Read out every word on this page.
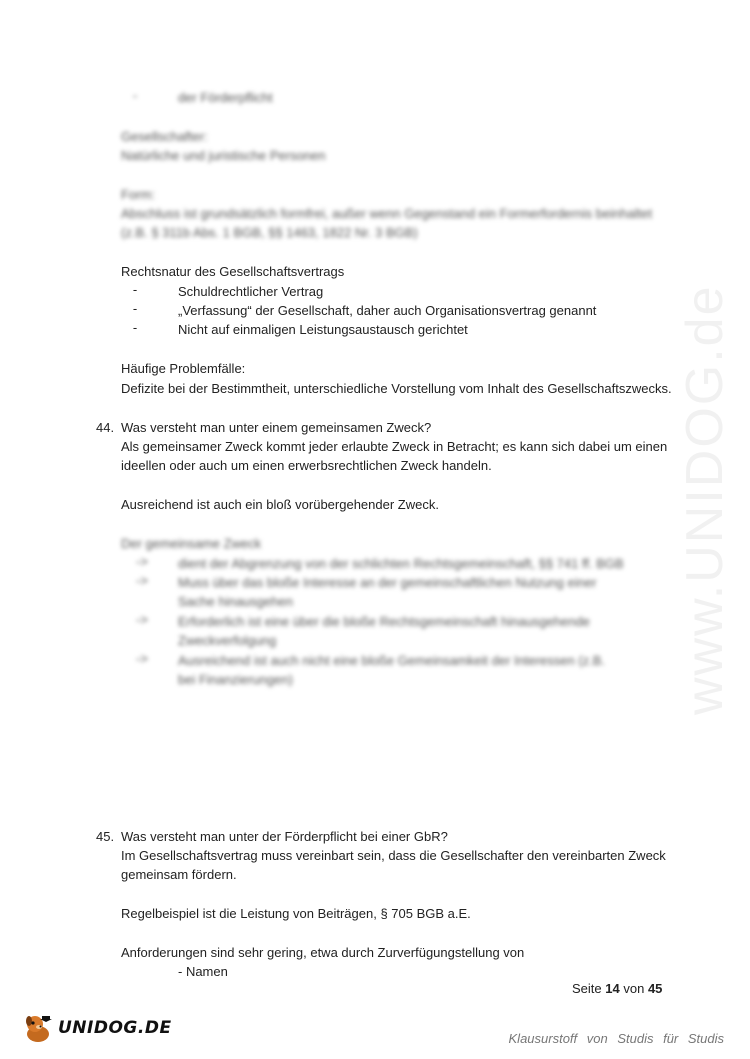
www.UNIDOG.de
-	der Förderpflicht
Gesellschafter:
Natürliche und juristische Personen
Form:
Abschluss ist grundsätzlich formfrei, außer wenn Gegenstand ein Formerfordernis beinhaltet
(z.B. § 311b Abs. 1 BGB, §§ 1463, 1822 Nr. 3 BGB)
Rechtsnatur des Gesellschaftsvertrags
-	Schuldrechtlicher Vertrag
-	„Verfassung“ der Gesellschaft, daher auch Organisationsvertrag genannt
-	Nicht auf einmaligen Leistungsaustausch gerichtet
Häufige Problemfälle:
Defizite bei der Bestimmtheit, unterschiedliche Vorstellung vom Inhalt des Gesellschaftszwecks.
44. Was versteht man unter einem gemeinsamen Zweck?
Als gemeinsamer Zweck kommt jeder erlaubte Zweck in Betracht; es kann sich dabei um einen
ideellen oder auch um einen erwerbsrechtlichen Zweck handeln.
Ausreichend ist auch ein bloß vorübergehender Zweck.
Der gemeinsame Zweck
->	dient der Abgrenzung von der schlichten Rechtsgemeinschaft, §§ 741 ff. BGB
->	Muss über das bloße Interesse an der gemeinschaftlichen Nutzung einer
Sache hinausgehen
->	Erforderlich ist eine über die bloße Rechtsgemeinschaft hinausgehende
Zweckverfolgung
->	Ausreichend ist auch nicht eine bloße Gemeinsamkeit der Interessen (z.B.
bei Finanzierungen)
45. Was versteht man unter der Förderpflicht bei einer GbR?
Im Gesellschaftsvertrag muss vereinbart sein, dass die Gesellschafter den vereinbarten Zweck
gemeinsam fördern.
Regelbeispiel ist die Leistung von Beiträgen, § 705 BGB a.E.
Anforderungen sind sehr gering, etwa durch Zurverfügungstellung von
- Namen
Seite 14 von 45
UNIDOG.DE
Klausurstoff von Studis für Studis
